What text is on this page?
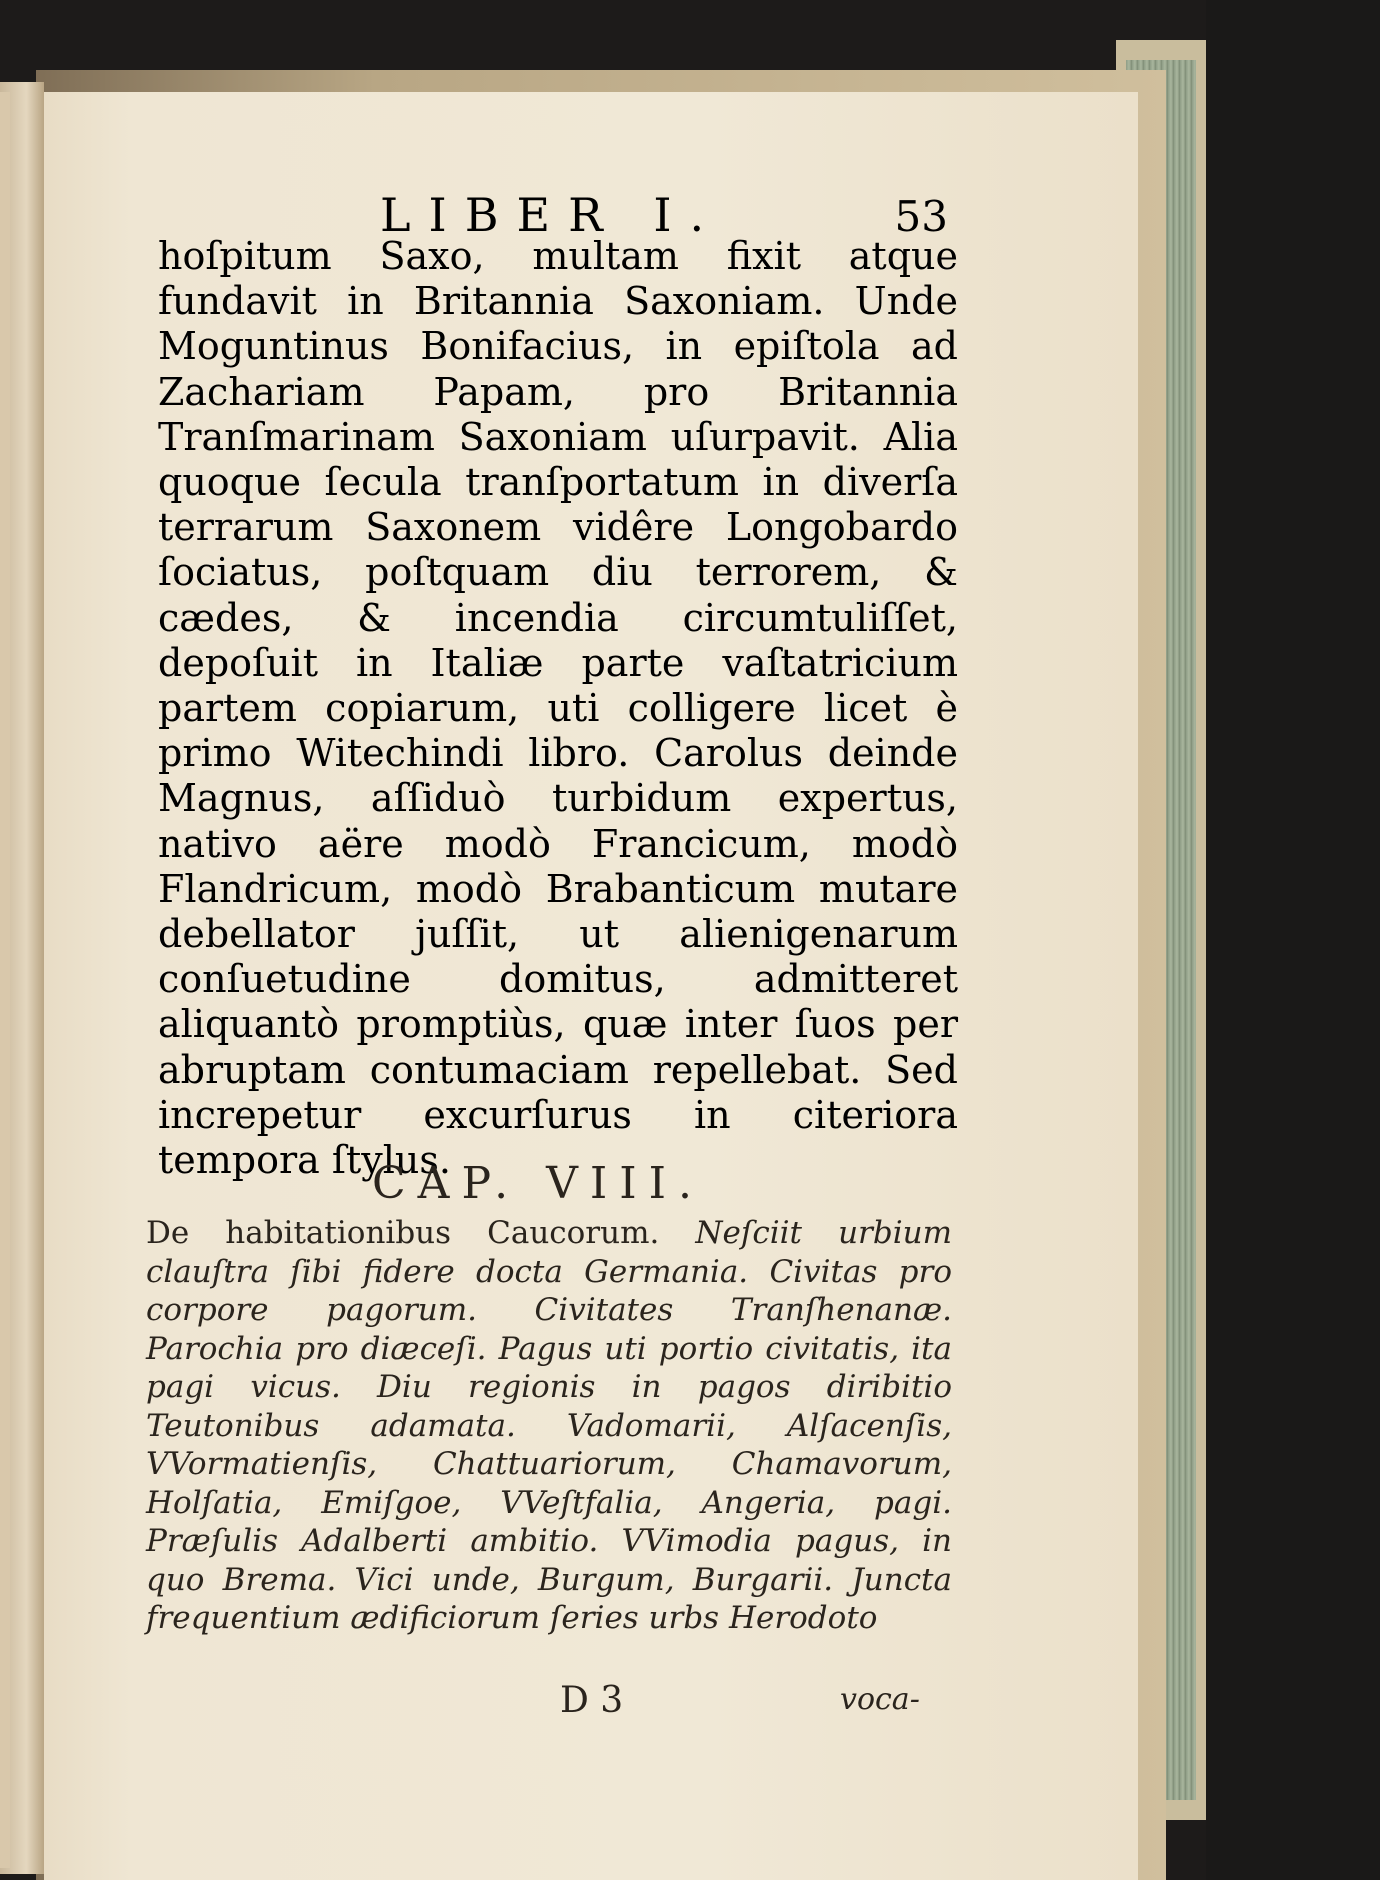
LIBER I.	53
hoſpitum Saxo, multam fixit atque fundavit in Britannia Saxoniam. Unde Moguntinus Bonifacius, in epiſtola ad Zachariam Papam, pro Britannia Tranſmarinam Saxoniam uſurpavit. Alia quoque ſecula tranſportatum in diverſa terrarum Saxonem vidêre Longobardo ſociatus, poſtquam diu terrorem, & cædes, & incendia circumtuliſſet, depoſuit in Italiæ parte vaſtatricium partem copiarum, uti colligere licet è primo Witechindi libro. Carolus deinde Magnus, aſſiduò turbidum expertus, nativo aëre modò Francicum, modò Flandricum, modò Brabanticum mutare debellator juſſit, ut alienigenarum conſuetudine domitus, admitteret aliquantò promptiùs, quæ inter ſuos per abruptam contumaciam repellebat. Sed increpetur excurſurus in citeriora tempora ſtylus.
CAP. VIII.
De habitationibus Caucorum. Neſciit urbium clauſtra ſibi fidere docta Germania. Civitas pro corpore pagorum. Civitates Tranſhenanæ. Parochia pro diæceſi. Pagus uti portio civitatis, ita pagi vicus. Diu regionis in pagos diribitio Teutonibus adamata. Vadomarii, Alſacenſis, VVormatienſis, Chattuariorum, Chamavorum, Holſatia, Emiſgoe, VVeſtfalia, Angeria, pagi. Præſulis Adalberti ambitio. VVimodia pagus, in quo Brema. Vici unde, Burgum, Burgarii. Juncta frequentium ædificiorum ſeries urbs Herodoto
D 3	voca-
